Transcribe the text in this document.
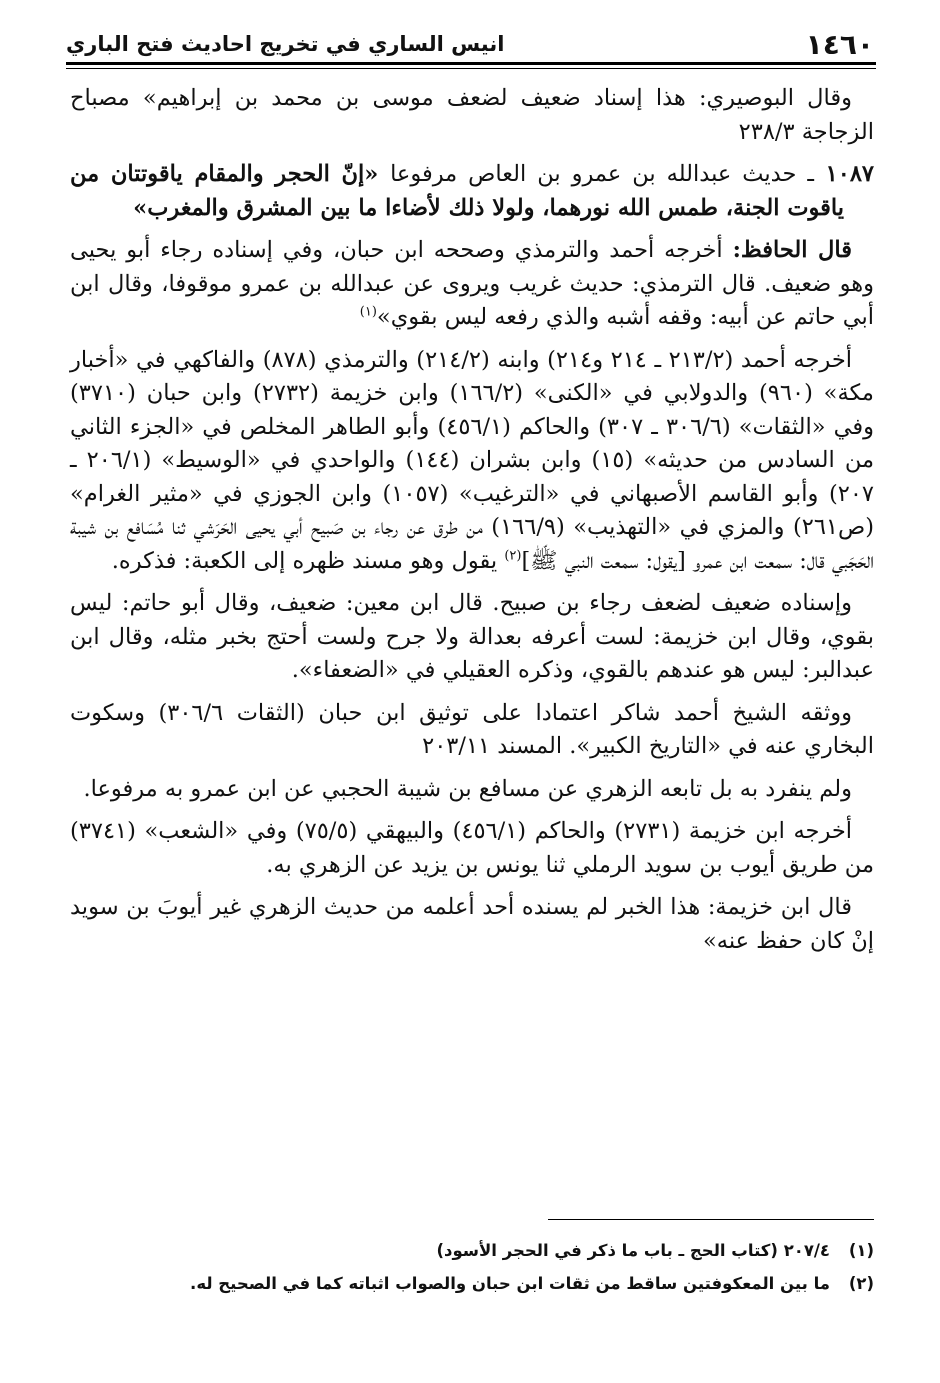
١٤٦٠
انيس الساري في تخريج احاديث فتح الباري

وقال البوصيري: هذا إسناد ضعيف لضعف موسى بن محمد بن إبراهيم» مصباح الزجاجة ٢٣٨/٣

١٠٨٧ ـ حديث عبدالله بن عمرو بن العاص مرفوعا «إنّ الحجر والمقام ياقوتتان من ياقوت الجنة، طمس الله نورهما، ولولا ذلك لأضاءا ما بين المشرق والمغرب»

قال الحافظ: أخرجه أحمد والترمذي وصححه ابن حبان، وفي إسناده رجاء أبو يحيى وهو ضعيف. قال الترمذي: حديث غريب ويروى عن عبدالله بن عمرو موقوفا، وقال ابن أبي حاتم عن أبيه: وقفه أشبه والذي رفعه ليس بقوي»$^{(١)}$

أخرجه أحمد (٢١٣/٢ ـ ٢١٤ و٢١٤) وابنه (٢١٤/٢) والترمذي (٨٧٨) والفاكهي في «أخبار مكة» (٩٦٠) والدولابي في «الكنى» (١٦٦/٢) وابن خزيمة (٢٧٣٢) وابن حبان (٣٧١٠) وفي «الثقات» (٣٠٦/٦ ـ ٣٠٧) والحاكم (٤٥٦/١) وأبو الطاهر المخلص في «الجزء الثاني من السادس من حديثه» (١٥) وابن بشران (١٤٤) والواحدي في «الوسيط» (٢٠٦/١ ـ ٢٠٧) وأبو القاسم الأصبهاني في «الترغيب» (١٠٥٧) وابن الجوزي في «مثير الغرام» (ص٢٦١) والمزي في «التهذيب» (١٦٦/٩) من طرق عن رجاء بن صَبيح أبي يحيى الحَرَشي ثنا مُسَافع بن شيبة الحَجَبي قال: سمعت ابن عمرو [يقول: سمعت النبي ﷺ]$^{(٢)}$ يقول وهو مسند ظهره إلى الكعبة: فذكره.

وإسناده ضعيف لضعف رجاء بن صبيح. قال ابن معين: ضعيف، وقال أبو حاتم: ليس بقوي، وقال ابن خزيمة: لست أعرفه بعدالة ولا جرح ولست أحتج بخبر مثله، وقال ابن عبدالبر: ليس هو عندهم بالقوي، وذكره العقيلي في «الضعفاء».

ووثقه الشيخ أحمد شاكر اعتمادا على توثيق ابن حبان (الثقات ٣٠٦/٦) وسكوت البخاري عنه في «التاريخ الكبير». المسند ٢٠٣/١١

ولم ينفرد به بل تابعه الزهري عن مسافع بن شيبة الحجبي عن ابن عمرو به مرفوعا.

أخرجه ابن خزيمة (٢٧٣١) والحاكم (٤٥٦/١) والبيهقي (٧٥/٥) وفي «الشعب» (٣٧٤١) من طريق أيوب بن سويد الرملي ثنا يونس بن يزيد عن الزهري به.

قال ابن خزيمة: هذا الخبر لم يسنده أحد أعلمه من حديث الزهري غير أيوبَ بن سويد إنْ كان حفظ عنه»

(١)
٢٠٧/٤ (كتاب الحج ـ باب ما ذكر في الحجر الأسود)
(٢)
ما بين المعكوفتين ساقط من ثقات ابن حبان والصواب اثباته كما في الصحيح له.
